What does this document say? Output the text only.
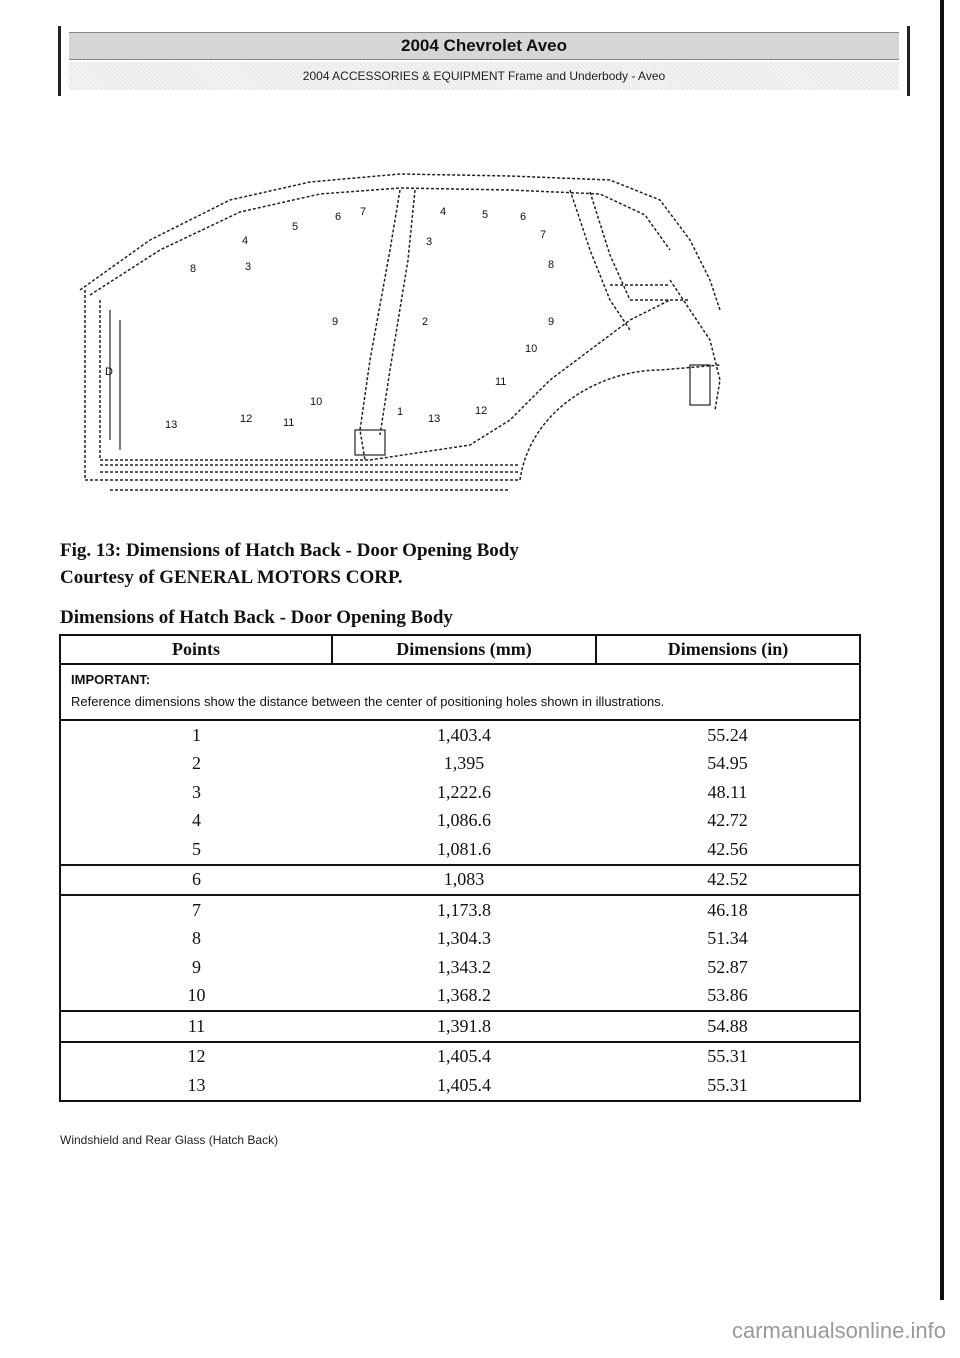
2004 Chevrolet Aveo
2004 ACCESSORIES & EQUIPMENT Frame and Underbody - Aveo
3
8
4
5
6 7	4	5	6
7
3
8
2
9	9
10
11
10
D
13	12	11
1
13
12
Fig. 13: Dimensions of Hatch Back - Door Opening Body
Courtesy of GENERAL MOTORS CORP.
Dimensions of Hatch Back - Door Opening Body
Points	Dimensions (mm)	Dimensions (in)

IMPORTANT:
Reference dimensions show the distance between the center of positioning holes shown in illustrations.		
1	1,403.4	55.24
2	1,395	54.95
3	1,222.6	48.11
4	1,086.6	42.72
5	1,081.6	42.56
6	1,083	42.52
7	1,173.8	46.18
8	1,304.3	51.34
9	1,343.2	52.87
10	1,368.2	53.86
11	1,391.8	54.88
12	1,405.4	55.31
13	1,405.4	55.31
Windshield and Rear Glass (Hatch Back)
carmanualsonline.info
